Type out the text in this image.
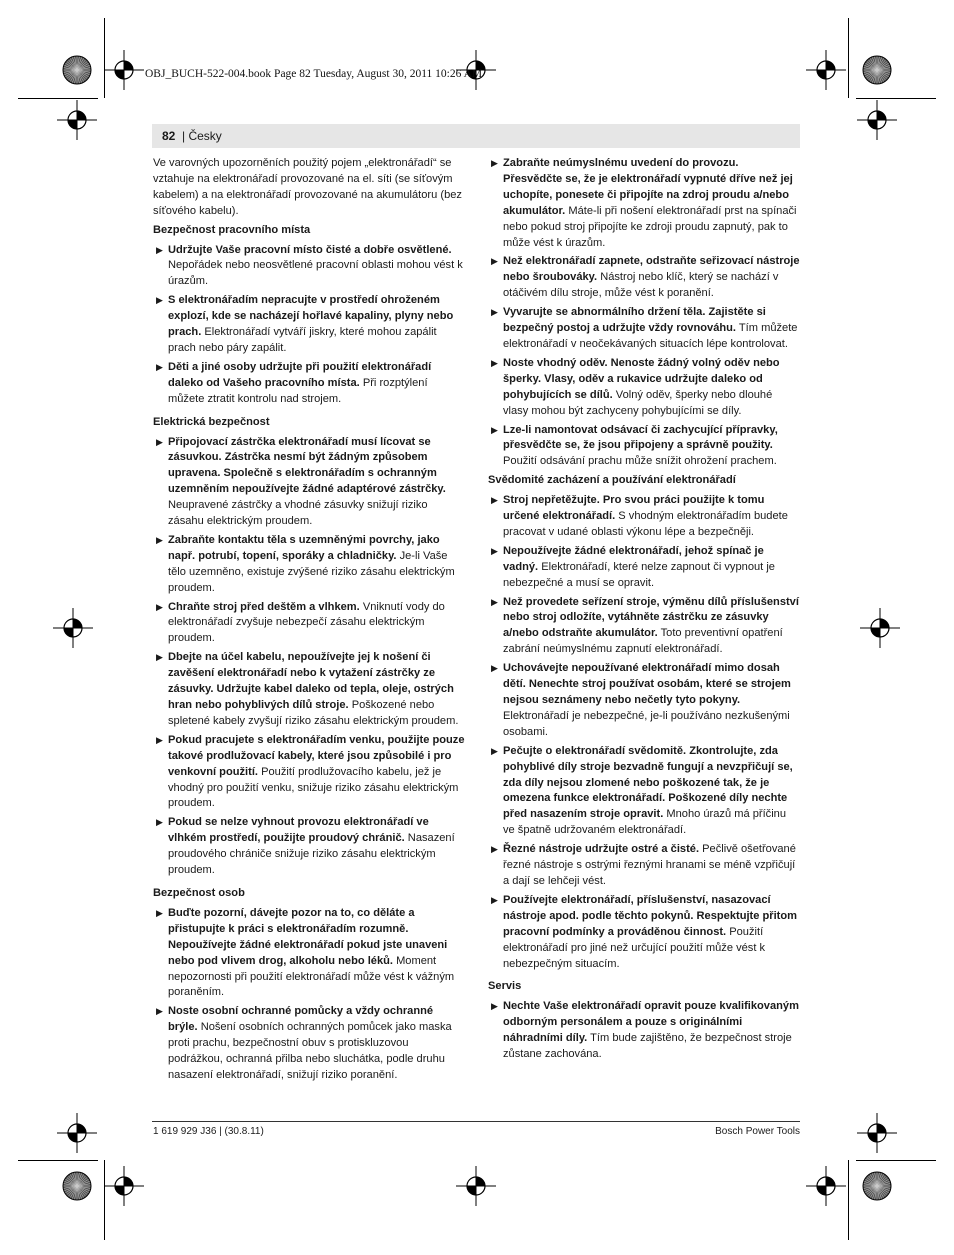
OBJ_BUCH-522-004.book Page 82 Tuesday, August 30, 2011 10:26 AM
82 | Česky

Ve varovných upozorněních použitý pojem „elektronářadí“ se vztahuje na elektronářadí provozované na el. síti (se síťovým kabelem) a na elektronářadí provozované na akumulátoru (bez síťového kabelu).

Bezpečnost pracovního místa
▶ Udržujte Vaše pracovní místo čisté a dobře osvětlené. Nepořádek nebo neosvětlené pracovní oblasti mohou vést k úrazům.
▶ S elektronářadím nepracujte v prostředí ohroženém explozí, kde se nacházejí hořlavé kapaliny, plyny nebo prach. Elektronářadí vytváří jiskry, které mohou zapálit prach nebo páry zapálit.
▶ Děti a jiné osoby udržujte při použití elektronářadí daleko od Vašeho pracovního místa. Při rozptýlení můžete ztratit kontrolu nad strojem.
Elektrická bezpečnost
▶ Připojovací zástrčka elektronářadí musí lícovat se zásuvkou. Zástrčka nesmí být žádným způsobem upravena. Společně s elektronářadím s ochranným uzemněním nepoužívejte žádné adaptérové zástrčky. Neupravené zástrčky a vhodné zásuvky snižují riziko zásahu elektrickým proudem.
▶ Zabraňte kontaktu těla s uzemněnými povrchy, jako např. potrubí, topení, sporáky a chladničky. Je-li Vaše tělo uzemněno, existuje zvýšené riziko zásahu elektrickým proudem.
▶ Chraňte stroj před deštěm a vlhkem. Vniknutí vody do elektronářadí zvyšuje nebezpečí zásahu elektrickým proudem.
▶ Dbejte na účel kabelu, nepoužívejte jej k nošení či zavěšení elektronářadí nebo k vytažení zástrčky ze zásuvky. Udržujte kabel daleko od tepla, oleje, ostrých hran nebo pohyblivých dílů stroje. Poškozené nebo spletené kabely zvyšují riziko zásahu elektrickým proudem.
▶ Pokud pracujete s elektronářadím venku, použijte pouze takové prodlužovací kabely, které jsou způsobilé i pro venkovní použití. Použití prodlužovacího kabelu, jež je vhodný pro použití venku, snižuje riziko zásahu elektrickým proudem.
▶ Pokud se nelze vyhnout provozu elektronářadí ve vlhkém prostředí, použijte proudový chránič. Nasazení proudového chrániče snižuje riziko zásahu elektrickým proudem.
Bezpečnost osob
▶ Buďte pozorní, dávejte pozor na to, co děláte a přistupujte k práci s elektronářadím rozumně. Nepoužívejte žádné elektronářadí pokud jste unaveni nebo pod vlivem drog, alkoholu nebo léků. Moment nepozornosti při použití elektronářadí může vést k vážným poraněním.
▶ Noste osobní ochranné pomůcky a vždy ochranné brýle. Nošení osobních ochranných pomůcek jako maska proti prachu, bezpečnostní obuv s protiskluzovou podrážkou, ochranná přilba nebo sluchátka, podle druhu nasazení elektronářadí, snižují riziko poranění.
▶ Zabraňte neúmyslnému uvedení do provozu. Přesvědčte se, že je elektronářadí vypnuté dříve než jej uchopíte, ponesete či připojíte na zdroj proudu a/nebo akumulátor. Máte-li při nošení elektronářadí prst na spínači nebo pokud stroj připojíte ke zdroji proudu zapnutý, pak to může vést k úrazům.
▶ Než elektronářadí zapnete, odstraňte seřizovací nástroje nebo šroubováky. Nástroj nebo klíč, který se nachází v otáčivém dílu stroje, může vést k poranění.
▶ Vyvarujte se abnormálního držení těla. Zajistěte si bezpečný postoj a udržujte vždy rovnováhu. Tím můžete elektronářadí v neočekávaných situacích lépe kontrolovat.
▶ Noste vhodný oděv. Nenoste žádný volný oděv nebo šperky. Vlasy, oděv a rukavice udržujte daleko od pohybujících se dílů. Volný oděv, šperky nebo dlouhé vlasy mohou být zachyceny pohybujícími se díly.
▶ Lze-li namontovat odsávací či zachycující přípravky, přesvědčte se, že jsou připojeny a správně použity. Použití odsávání prachu může snížit ohrožení prachem.
Svědomité zacházení a používání elektronářadí
▶ Stroj nepřetěžujte. Pro svou práci použijte k tomu určené elektronářadí. S vhodným elektronářadím budete pracovat v udané oblasti výkonu lépe a bezpečněji.
▶ Nepoužívejte žádné elektronářadí, jehož spínač je vadný. Elektronářadí, které nelze zapnout či vypnout je nebezpečné a musí se opravit.
▶ Než provedete seřízení stroje, výměnu dílů příslušenství nebo stroj odložíte, vytáhněte zástrčku ze zásuvky a/nebo odstraňte akumulátor. Toto preventivní opatření zabrání neúmyslnému zapnutí elektronářadí.
▶ Uchovávejte nepoužívané elektronářadí mimo dosah dětí. Nenechte stroj používat osobám, které se strojem nejsou seznámeny nebo nečetly tyto pokyny. Elektronářadí je nebezpečné, je-li používáno nezkušenými osobami.
▶ Pečujte o elektronářadí svědomitě. Zkontrolujte, zda pohyblivé díly stroje bezvadně fungují a nevzpřičují se, zda díly nejsou zlomené nebo poškozené tak, že je omezena funkce elektronářadí. Poškozené díly nechte před nasazením stroje opravit. Mnoho úrazů má příčinu ve špatně udržovaném elektronářadí.
▶ Řezné nástroje udržujte ostré a čisté. Pečlivě ošetřované řezné nástroje s ostrými řeznými hranami se méně vzpřičují a dají se lehčeji vést.
▶ Používejte elektronářadí, příslušenství, nasazovací nástroje apod. podle těchto pokynů. Respektujte přitom pracovní podmínky a prováděnou činnost. Použití elektronářadí pro jiné než určující použití může vést k nebezpečným situacím.
Servis
▶ Nechte Vaše elektronářadí opravit pouze kvalifikovaným odborným personálem a pouze s originálními náhradními díly. Tím bude zajištěno, že bezpečnost stroje zůstane zachována.
1 619 929 J36 | (30.8.11)	Bosch Power Tools
